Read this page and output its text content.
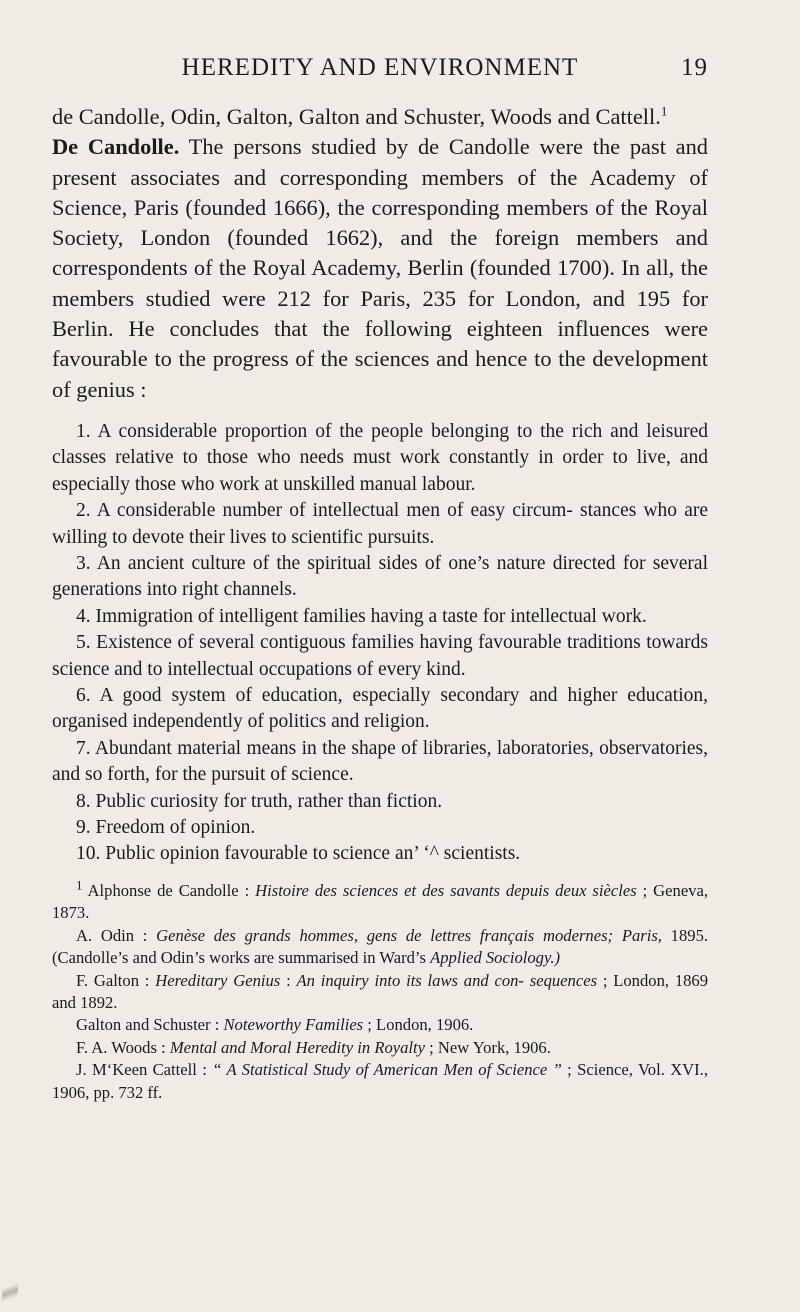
HEREDITY AND ENVIRONMENT	19

de Candolle, Odin, Galton, Galton and Schuster, Woods and Cattell.$^1$

De Candolle. The persons studied by de Candolle were the past and present associates and corresponding members of the Academy of Science, Paris (founded 1666), the corresponding members of the Royal Society, London (founded 1662), and the foreign members and correspondents of the Royal Academy, Berlin (founded 1700). In all, the members studied were 212 for Paris, 235 for London, and 195 for Berlin. He concludes that the following eighteen influences were favourable to the progress of the sciences and hence to the development of genius :

1. A considerable proportion of the people belonging to the rich and leisured classes relative to those who needs must work constantly in order to live, and especially those who work at unskilled manual labour.

2. A considerable number of intellectual men of easy circum- stances who are willing to devote their lives to scientific pursuits.

3. An ancient culture of the spiritual sides of one’s nature directed for several generations into right channels.

4. Immigration of intelligent families having a taste for intellectual work.

5. Existence of several contiguous families having favourable traditions towards science and to intellectual occupations of every kind.

6. A good system of education, especially secondary and higher education, organised independently of politics and religion.

7. Abundant material means in the shape of libraries, laboratories, observatories, and so forth, for the pursuit of science.

8. Public curiosity for truth, rather than fiction.

9. Freedom of opinion.

10. Public opinion favourable to science an’ ‘^ scientists.

$^1$ Alphonse de Candolle : Histoire des sciences et des savants depuis deux siècles ; Geneva, 1873.

A. Odin : Genèse des grands hommes, gens de lettres français modernes; Paris, 1895. (Candolle’s and Odin’s works are summarised in Ward’s Applied Sociology.)

F. Galton : Hereditary Genius : An inquiry into its laws and con- sequences ; London, 1869 and 1892.

Galton and Schuster : Noteworthy Families ; London, 1906.

F. A. Woods : Mental and Moral Heredity in Royalty ; New York, 1906.

J. M‘Keen Cattell : “ A Statistical Study of American Men of Science ” ; Science, Vol. XVI., 1906, pp. 732 ff.
